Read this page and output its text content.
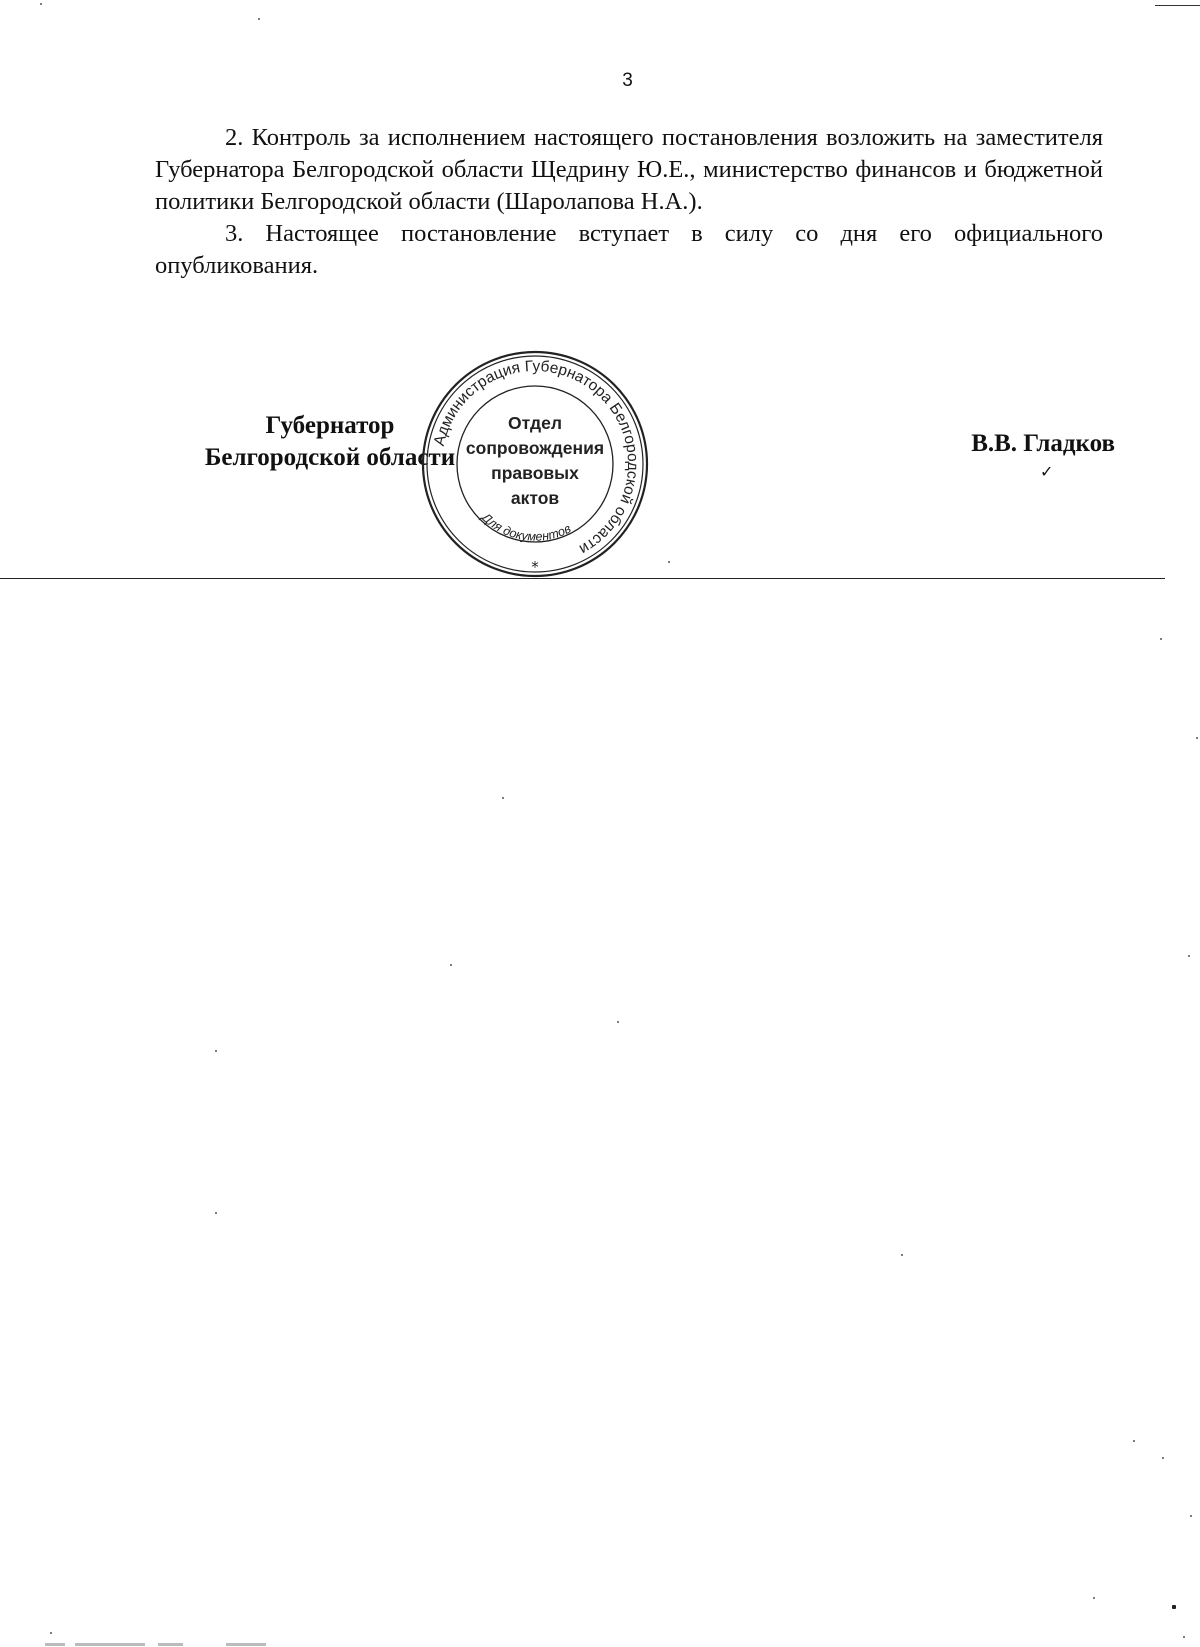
3

2. Контроль за исполнением настоящего постановления возложить на заместителя Губернатора Белгородской области Щедрину Ю.Е., министерство финансов и бюджетной политики Белгородской области (Шаролапова Н.А.).

3. Настоящее постановление вступает в силу со дня его официального опубликования.

Губернатор
Белгородской области
Администрация Губернатора Белгородской области
Для документов
*
Отдел
сопровождения
правовых
актов
В.В. Гладков
✓
